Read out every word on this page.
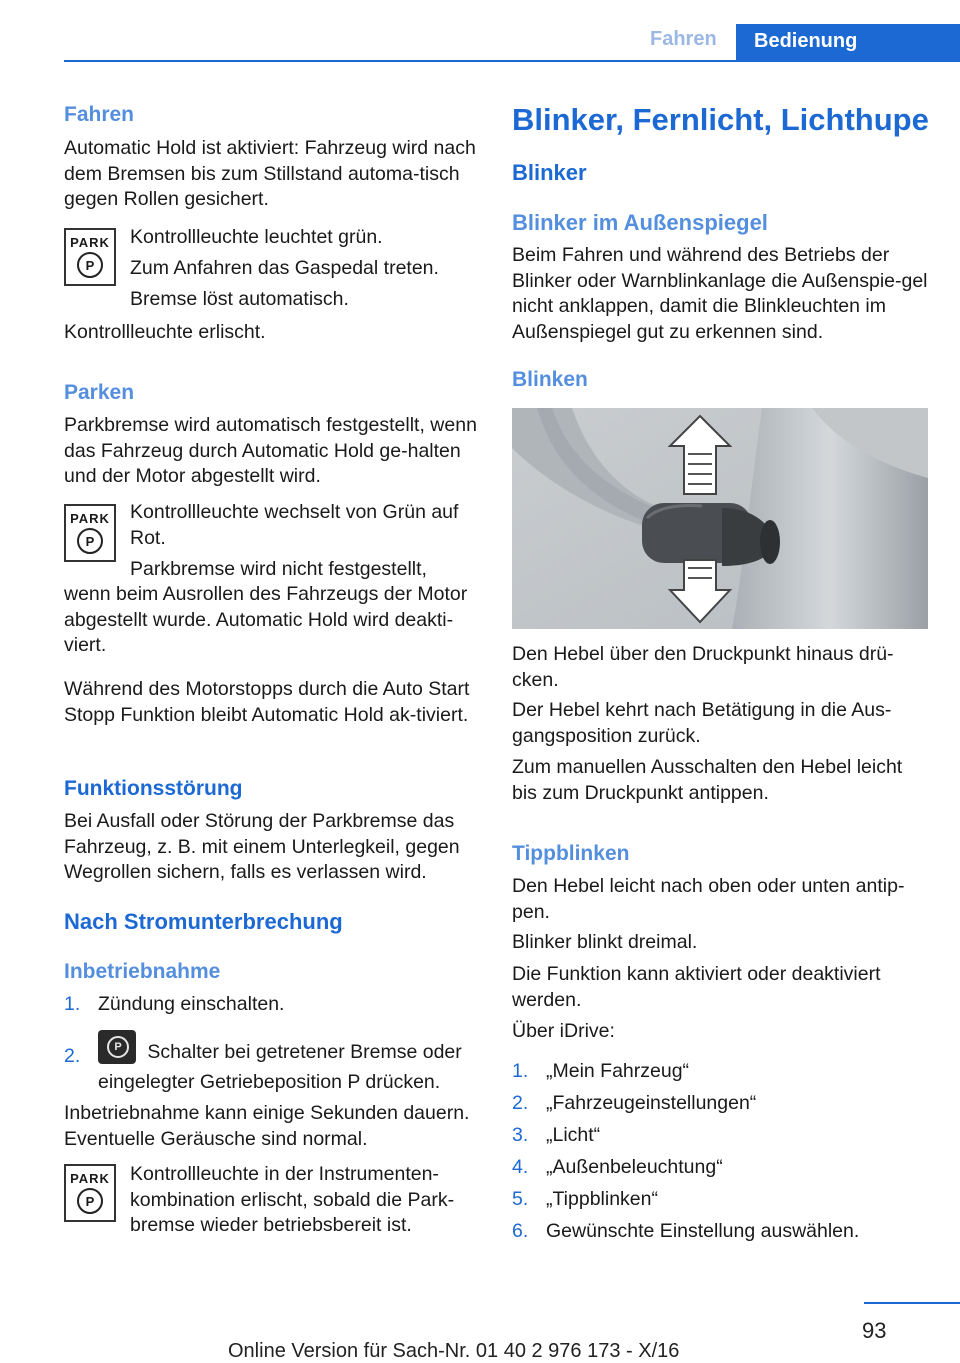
Fahren	Bedienung

Fahren

Automatic Hold ist aktiviert: Fahrzeug wird nach dem Bremsen bis zum Stillstand automa‐tisch gegen Rollen gesichert.

PARK
P

Kontrollleuchte leuchtet grün.

Zum Anfahren das Gaspedal treten.

Bremse löst automatisch.

Kontrollleuchte erlischt.

Parken

Parkbremse wird automatisch festgestellt, wenn das Fahrzeug durch Automatic Hold ge‐halten und der Motor abgestellt wird.

PARK
P

Kontrollleuchte wechselt von Grün auf Rot.

Parkbremse wird nicht festgestellt,

wenn beim Ausrollen des Fahrzeugs der Motor abgestellt wurde. Automatic Hold wird deakti‐viert.

Während des Motorstopps durch die Auto Start Stopp Funktion bleibt Automatic Hold ak‐tiviert.

Funktionsstörung

Bei Ausfall oder Störung der Parkbremse das Fahrzeug, z. B. mit einem Unterlegkeil, gegen Wegrollen sichern, falls es verlassen wird.

Nach Stromunterbrechung

Inbetriebnahme

1. Zündung einschalten.
2.	P	Schalter bei getretener Bremse oder
eingelegter Getriebeposition P drücken.

Inbetriebnahme kann einige Sekunden dauern. Eventuelle Geräusche sind normal.

PARK
P

Kontrollleuchte in der Instrumenten‐kombination erlischt, sobald die Park‐bremse wieder betriebsbereit ist.

Blinker, Fernlicht, Lichthupe

Blinker

Blinker im Außenspiegel

Beim Fahren und während des Betriebs der Blinker oder Warnblinkanlage die Außenspie‐gel nicht anklappen, damit die Blinkleuchten im Außenspiegel gut zu erkennen sind.

Blinken

Den Hebel über den Druckpunkt hinaus drü‐cken.

Der Hebel kehrt nach Betätigung in die Aus‐gangsposition zurück.

Zum manuellen Ausschalten den Hebel leicht bis zum Druckpunkt antippen.

Tippblinken

Den Hebel leicht nach oben oder unten antip‐pen.

Blinker blinkt dreimal.

Die Funktion kann aktiviert oder deaktiviert werden.

Über iDrive:

1. „Mein Fahrzeug“
2. „Fahrzeugeinstellungen“
3. „Licht“
4. „Außenbeleuchtung“
5. „Tippblinken“
6. Gewünschte Einstellung auswählen.
93
Online Version für Sach-Nr. 01 40 2 976 173 - X/16
